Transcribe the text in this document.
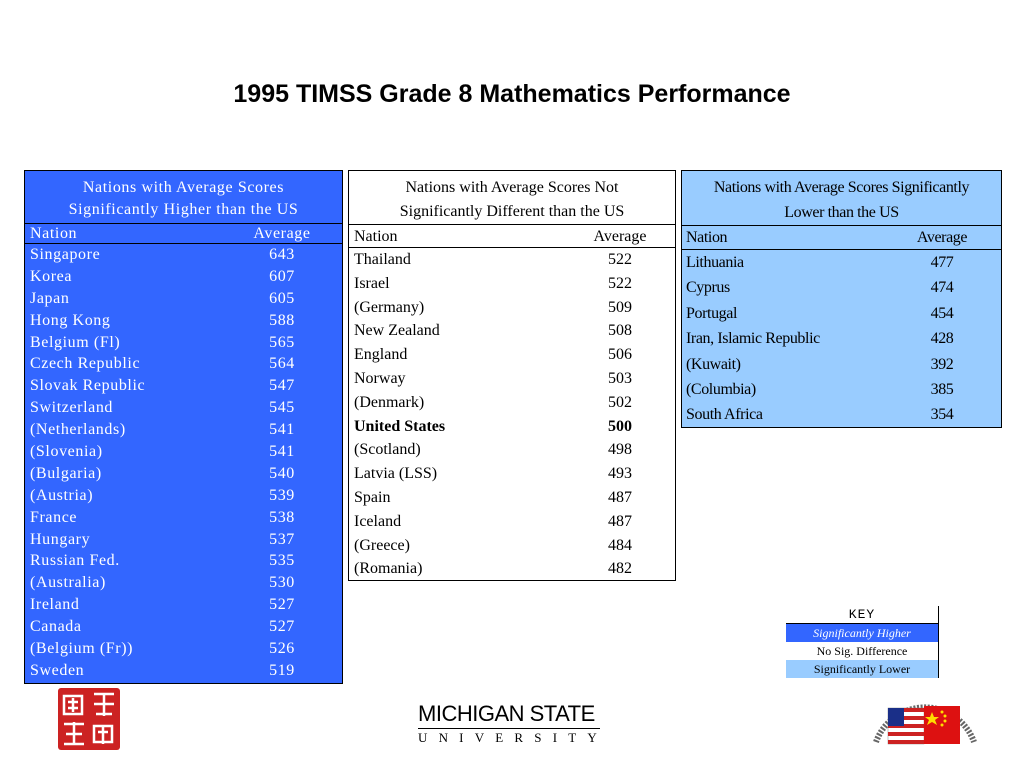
1995 TIMSS Grade 8 Mathematics Performance
Nations with Average Scores
Significantly Higher than the US
Nation	Average
Singapore	643
Korea	607
Japan	605
Hong Kong	588
Belgium (Fl)	565
Czech Republic	564
Slovak Republic	547
Switzerland	545
(Netherlands)	541
(Slovenia)	541
(Bulgaria)	540
(Austria)	539
France	538
Hungary	537
Russian Fed.	535
(Australia)	530
Ireland	527
Canada	527
(Belgium (Fr))	526
Sweden	519
Nations with Average Scores Not
Significantly Different than the US
Nation	Average
Thailand	522
Israel	522
(Germany)	509
New Zealand	508
England	506
Norway	503
(Denmark)	502
United States	500
(Scotland)	498
Latvia (LSS)	493
Spain	487
Iceland	487
(Greece)	484
(Romania)	482
Nations with Average Scores Significantly
Lower than the US
Nation	Average
Lithuania	477
Cyprus	474
Portugal	454
Iran, Islamic Republic	428
(Kuwait)	392
(Columbia)	385
South Africa	354
KEY
Significantly Higher
No Sig. Difference
Significantly Lower
MICHIGAN STATE
UNIVERSITY
